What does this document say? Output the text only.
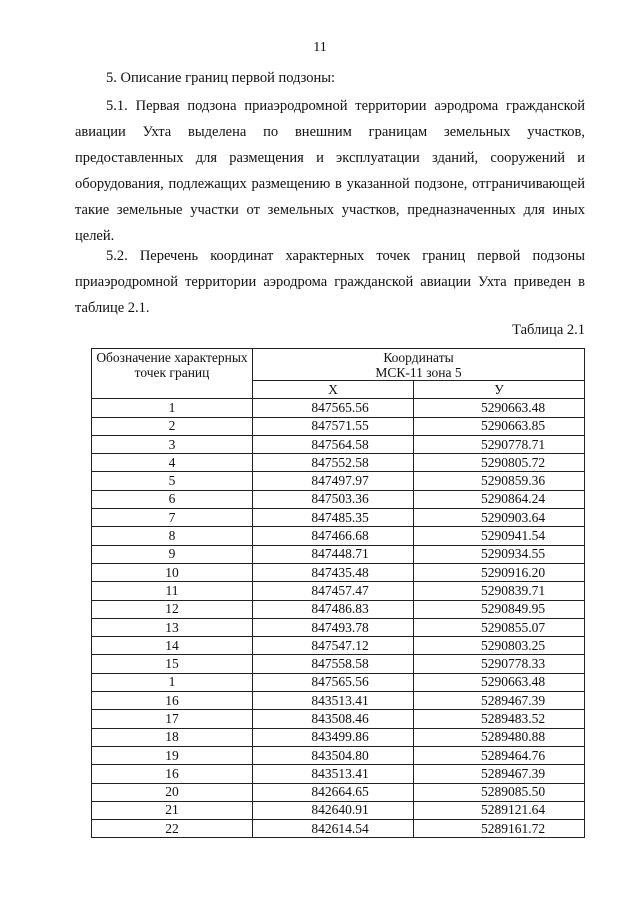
11
5. Описание границ первой подзоны:

5.1. Первая подзона приаэродромной территории аэродрома гражданской авиации Ухта выделена по внешним границам земельных участков, предоставленных для размещения и эксплуатации зданий, сооружений и оборудования, подлежащих размещению в указанной подзоне, отграничивающей такие земельные участки от земельных участков, предназначенных для иных целей.

5.2. Перечень координат характерных точек границ первой подзоны приаэродромной территории аэродрома гражданской авиации Ухта приведен в таблице 2.1.

Таблица 2.1
Обозначение характерных точек границ	Координаты
МСК-11 зона 5	
	X	У
1	847565.56	5290663.48
2	847571.55	5290663.85
3	847564.58	5290778.71
4	847552.58	5290805.72
5	847497.97	5290859.36
6	847503.36	5290864.24
7	847485.35	5290903.64
8	847466.68	5290941.54
9	847448.71	5290934.55
10	847435.48	5290916.20
11	847457.47	5290839.71
12	847486.83	5290849.95
13	847493.78	5290855.07
14	847547.12	5290803.25
15	847558.58	5290778.33
1	847565.56	5290663.48
16	843513.41	5289467.39
17	843508.46	5289483.52
18	843499.86	5289480.88
19	843504.80	5289464.76
16	843513.41	5289467.39
20	842664.65	5289085.50
21	842640.91	5289121.64
22	842614.54	5289161.72
